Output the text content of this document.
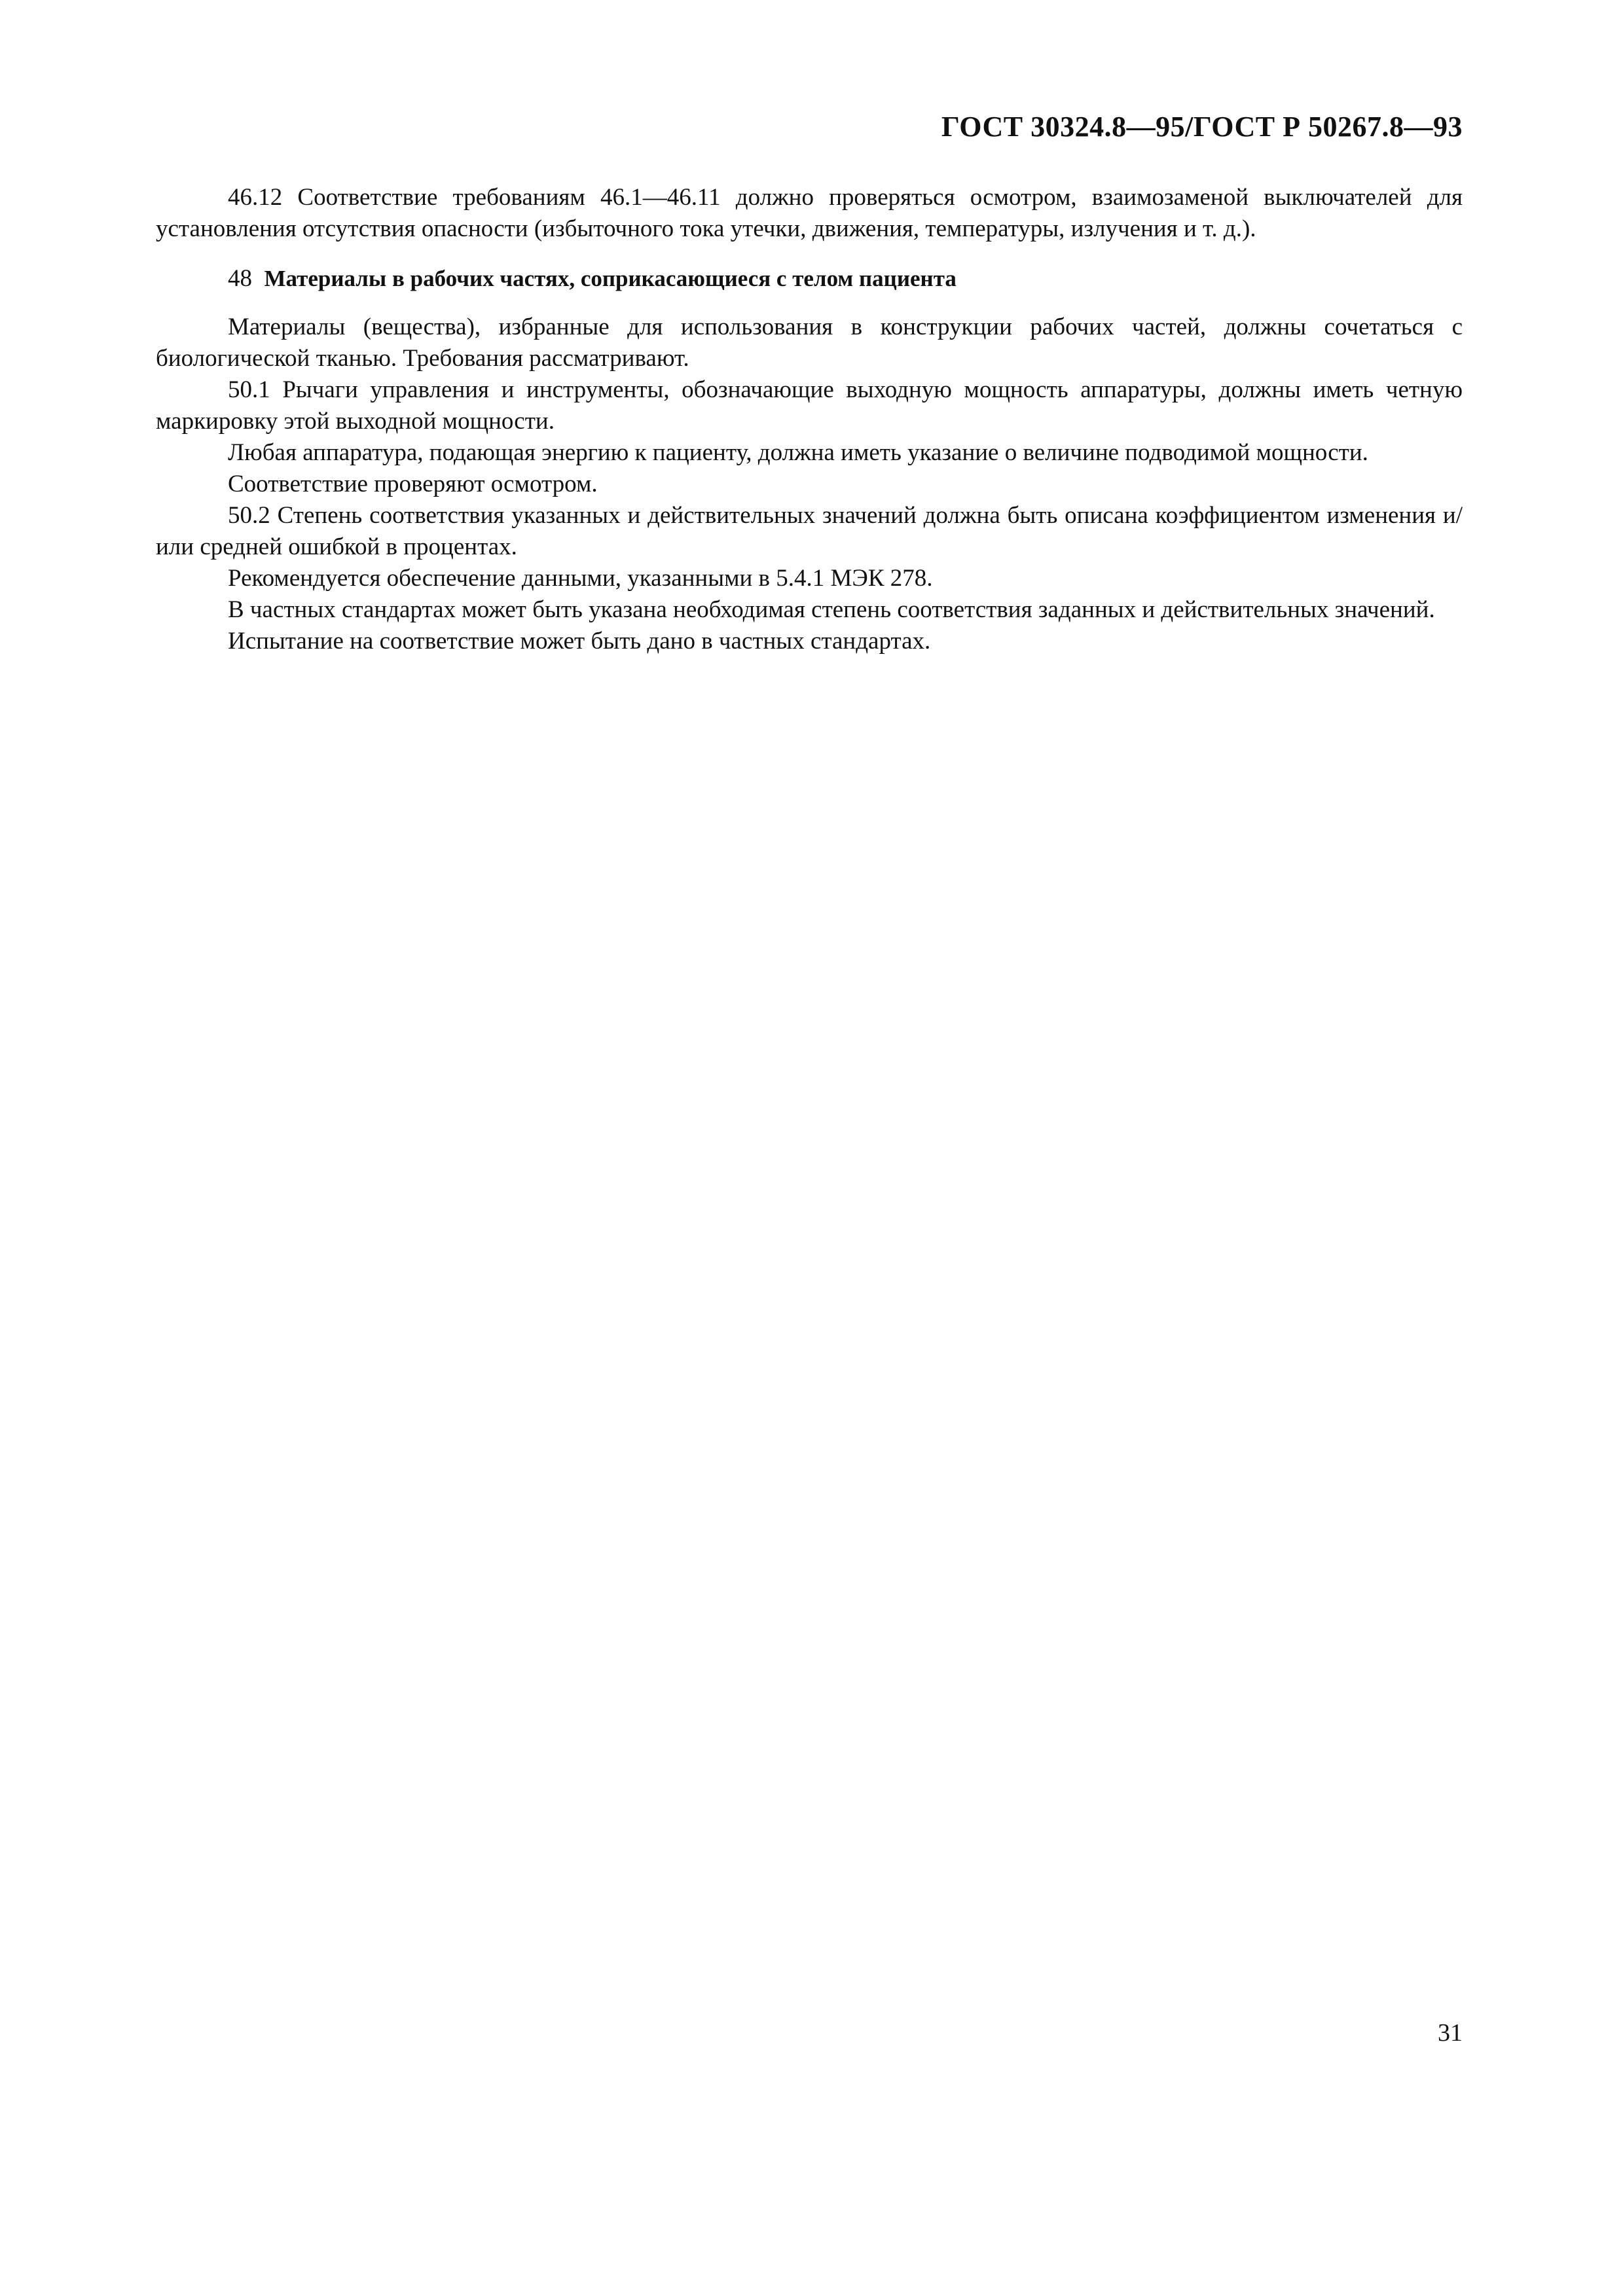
ГОСТ 30324.8—95/ГОСТ Р 50267.8—93

46.12 Соответствие требованиям 46.1—46.11 должно проверяться осмотром, взаимозаменой выключателей для установления отсутствия опасности (избыточного тока утечки, движения, температуры, излучения и т. д.).

48 Материалы в рабочих частях, соприкасающиеся с телом пациента

Материалы (вещества), избранные для использования в конструкции рабочих частей, должны сочетаться с биологической тканью. Требования рассматривают.

50.1 Рычаги управления и инструменты, обозначающие выходную мощность аппаратуры, должны иметь четную маркировку этой выходной мощности.

Любая аппаратура, подающая энергию к пациенту, должна иметь указание о величине подводимой мощности.

Соответствие проверяют осмотром.

50.2 Степень соответствия указанных и действительных значений должна быть описана коэффициентом изменения и/или средней ошибкой в процентах.

Рекомендуется обеспечение данными, указанными в 5.4.1 МЭК 278.

В частных стандартах может быть указана необходимая степень соответствия заданных и действительных значений.

Испытание на соответствие может быть дано в частных стандартах.

31
